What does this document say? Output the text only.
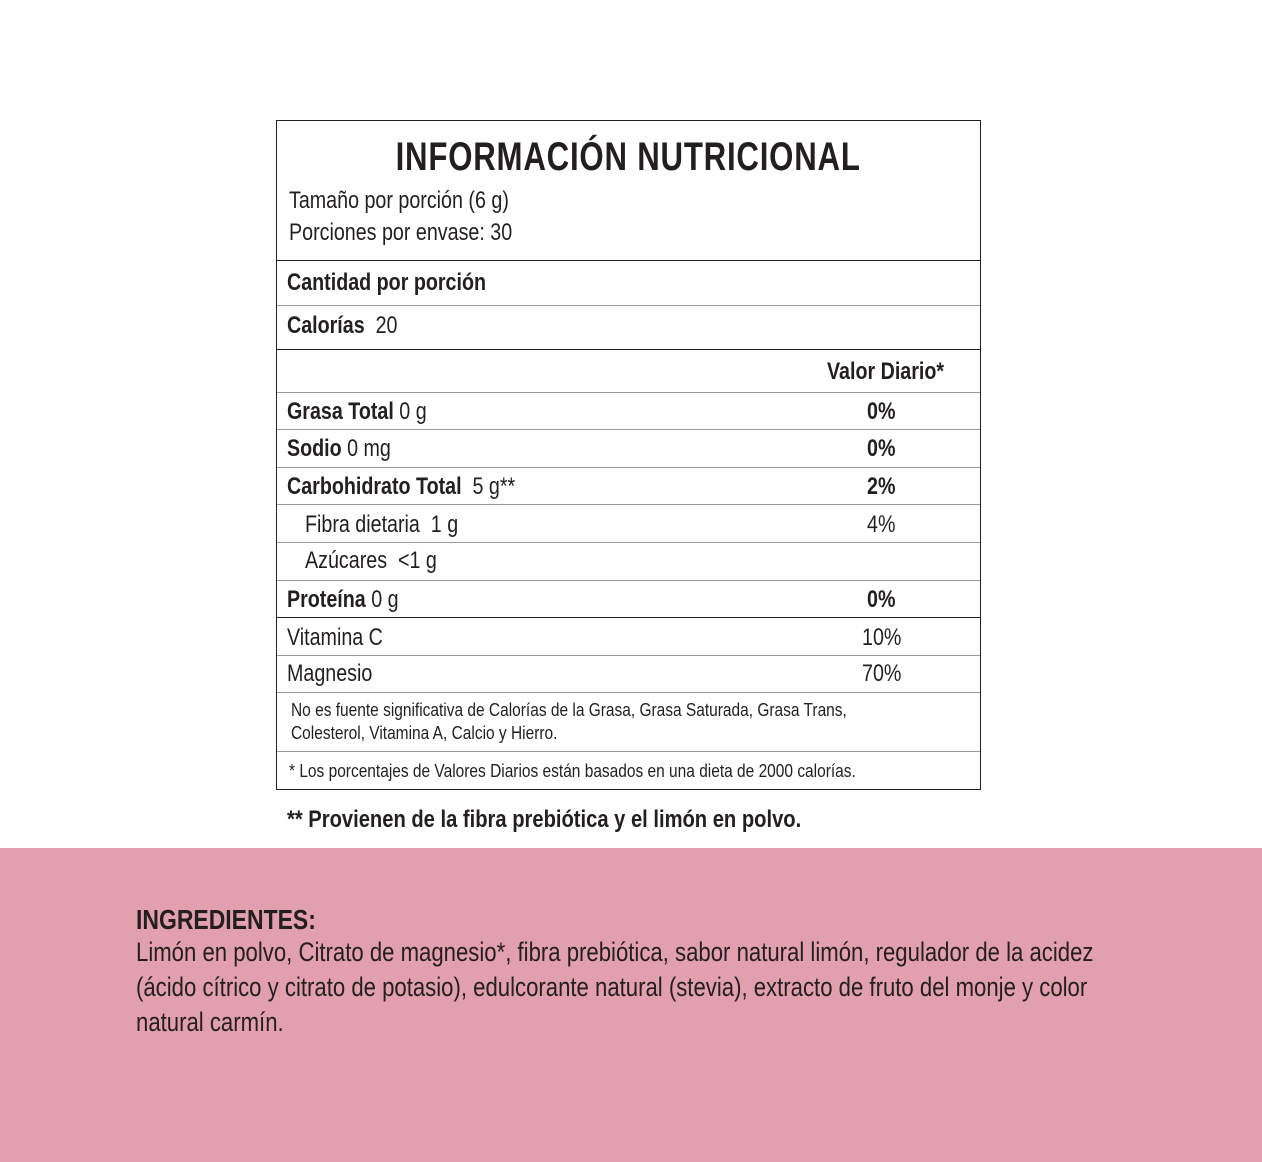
INFORMACIÓN NUTRICIONAL
Tamaño por porción (6 g)
Porciones por envase: 30
Cantidad por porción
Calorías 20
Valor Diario*
Grasa Total 0 g	0%
Sodio 0 mg	0%
Carbohidrato Total 5 g**	2%
Fibra dietaria 1 g	4%
Azúcares <1 g
Proteína 0 g	0%
Vitamina C	10%
Magnesio	70%
No es fuente significativa de Calorías de la Grasa, Grasa Saturada, Grasa Trans,
Colesterol, Vitamina A, Calcio y Hierro.
* Los porcentajes de Valores Diarios están basados en una dieta de 2000 calorías.
** Provienen de la fibra prebiótica y el limón en polvo.
INGREDIENTES:
Limón en polvo, Citrato de magnesio*, fibra prebiótica, sabor natural limón, regulador de la acidez
(ácido cítrico y citrato de potasio), edulcorante natural (stevia), extracto de fruto del monje y color
natural carmín.
